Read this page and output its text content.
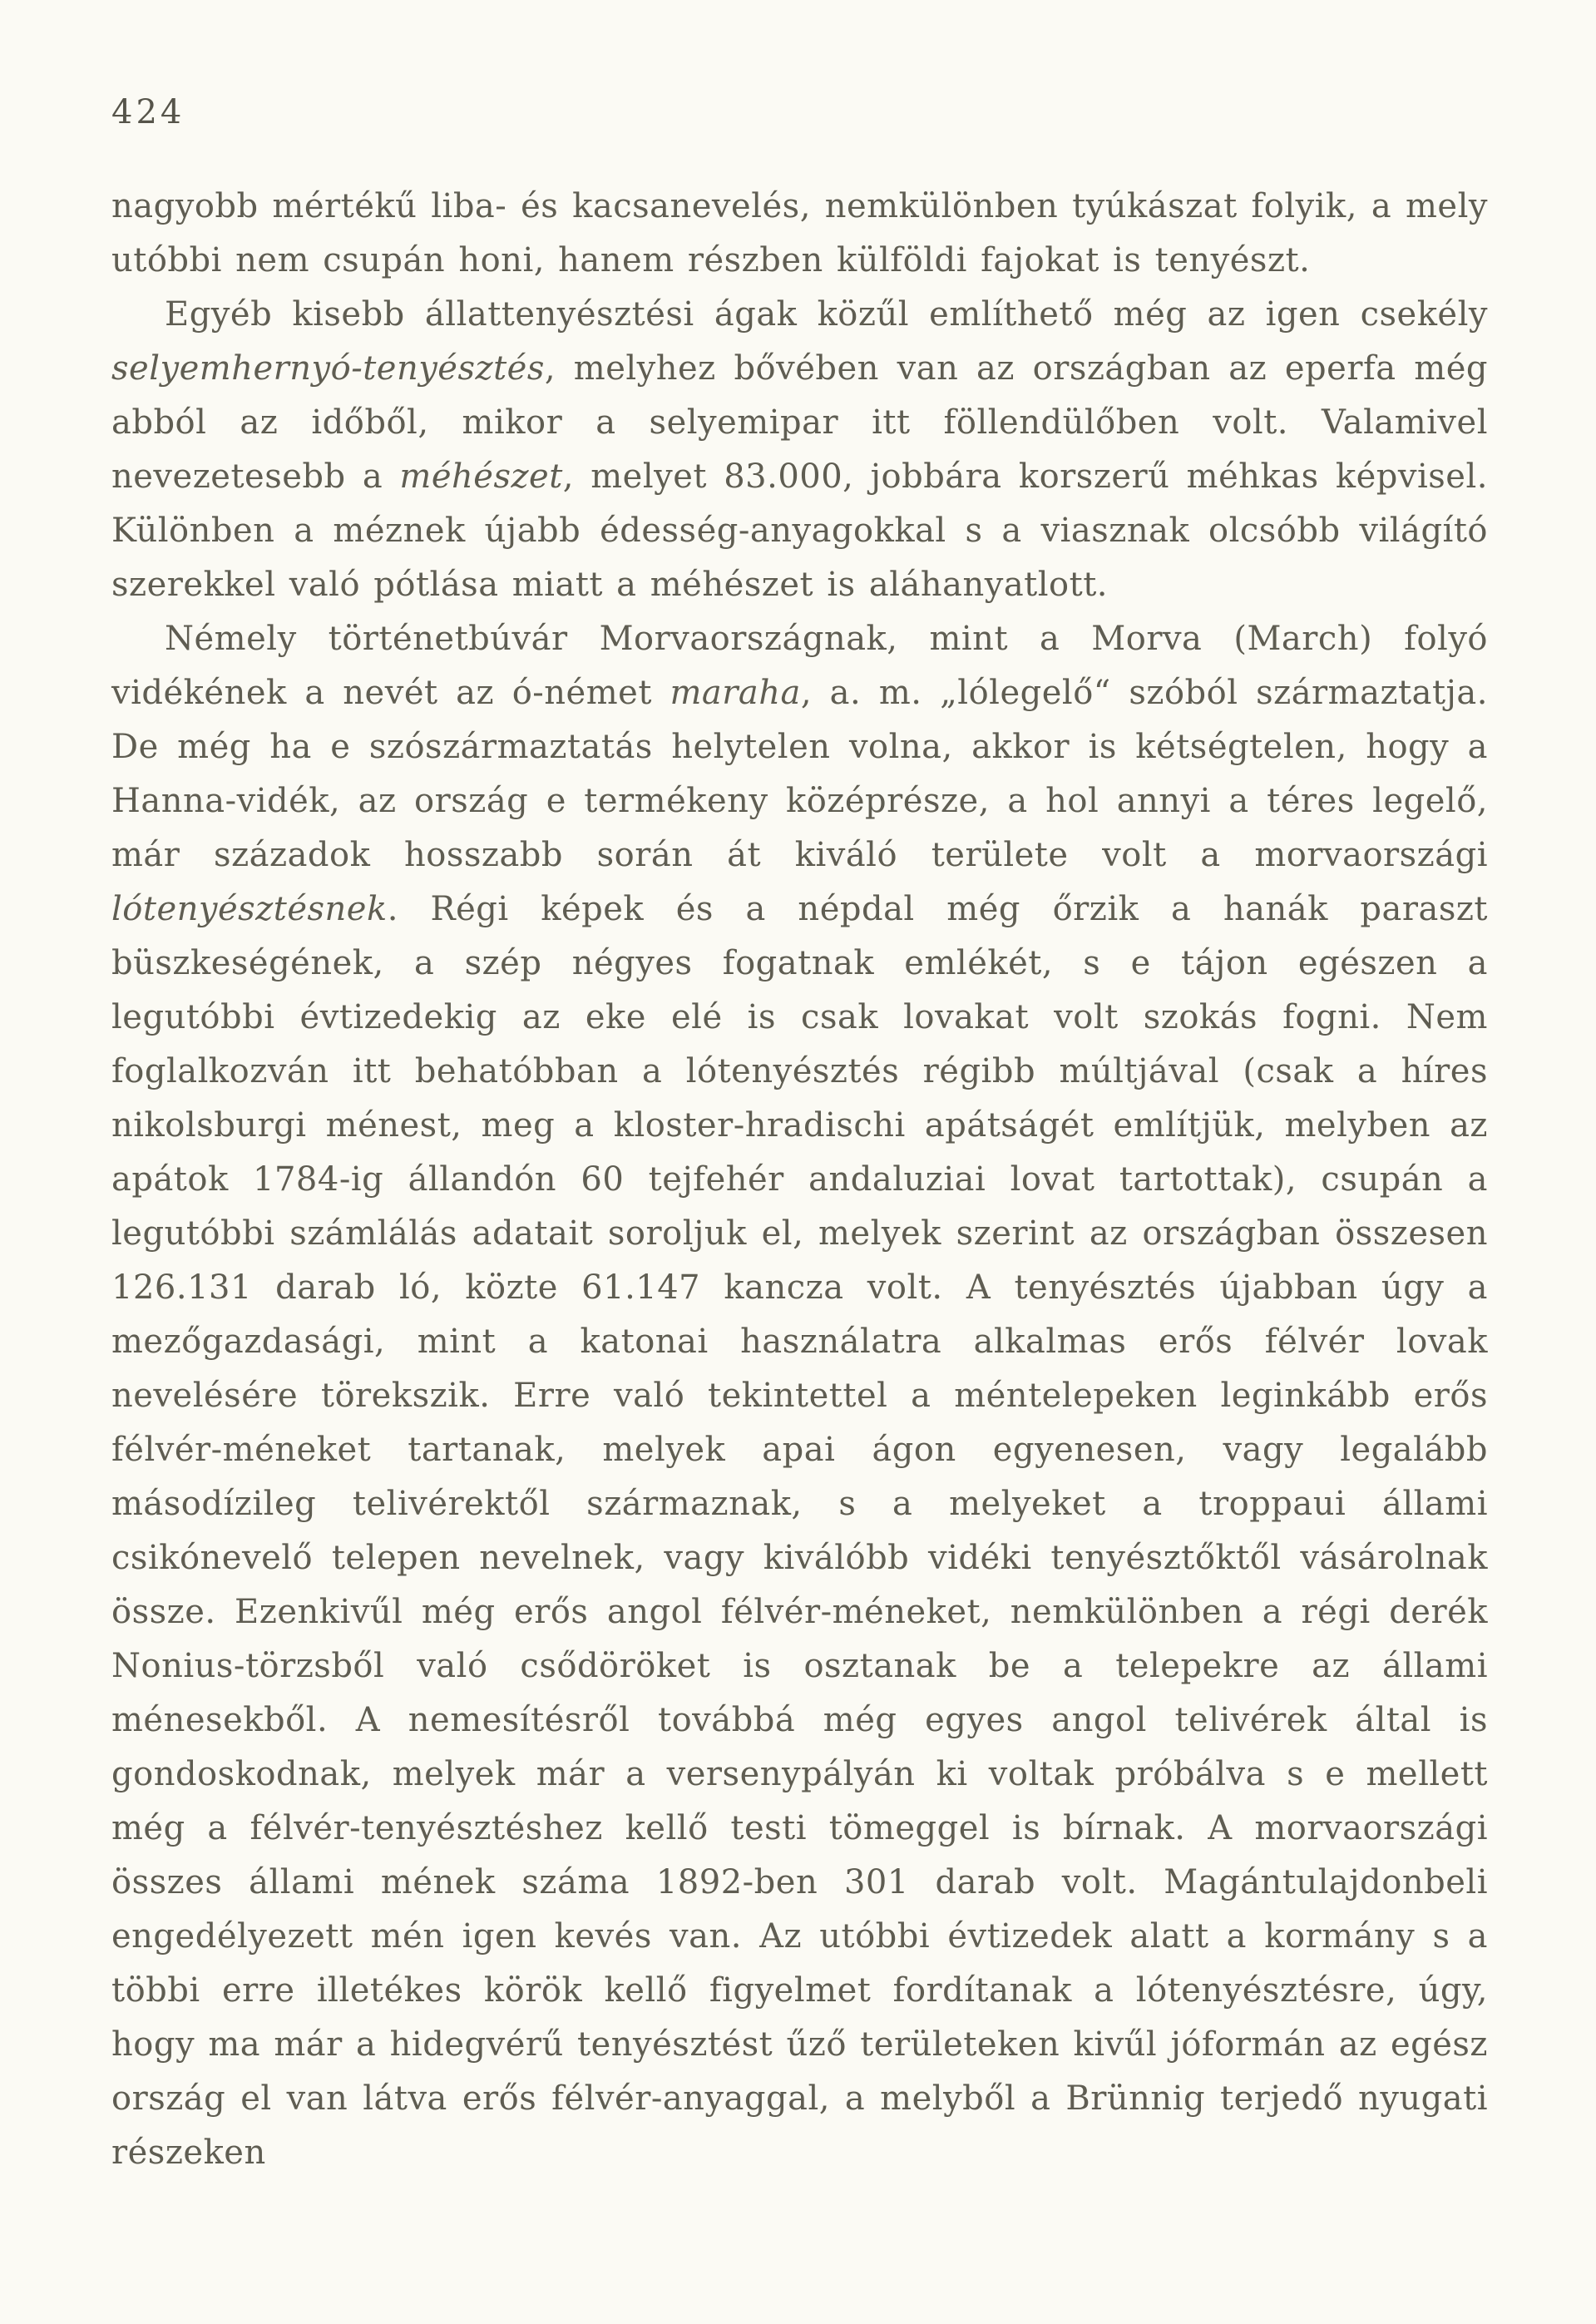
424

nagyobb mértékű liba- és kacsanevelés, nemkülönben tyúkászat folyik, a mely utóbbi nem csupán honi, hanem részben külföldi fajokat is tenyészt.

Egyéb kisebb állattenyésztési ágak közűl említhető még az igen csekély selyemhernyó-tenyésztés, melyhez bővében van az országban az eperfa még abból az időből, mikor a selyemipar itt föllendülőben volt. Valamivel nevezetesebb a méhészet, melyet 83.000, jobbára korszerű méhkas képvisel. Különben a méznek újabb édesség-anyagokkal s a viasznak olcsóbb világító szerekkel való pótlása miatt a méhészet is aláhanyatlott.

Némely történetbúvár Morvaországnak, mint a Morva (March) folyó vidékének a nevét az ó-német maraha, a. m. „lólegelő“ szóból származtatja. De még ha e szószármaztatás helytelen volna, akkor is kétségtelen, hogy a Hanna-vidék, az ország e termékeny középrésze, a hol annyi a téres legelő, már századok hosszabb során át kiváló területe volt a morvaországi lótenyésztésnek. Régi képek és a népdal még őrzik a hanák paraszt büszkeségének, a szép négyes fogatnak emlékét, s e tájon egészen a legutóbbi évtizedekig az eke elé is csak lovakat volt szokás fogni. Nem foglalkozván itt behatóbban a lótenyésztés régibb múltjával (csak a híres nikolsburgi ménest, meg a kloster-hradischi apátságét említjük, melyben az apátok 1784-ig állandón 60 tejfehér andaluziai lovat tartottak), csupán a legutóbbi számlálás adatait soroljuk el, melyek szerint az országban összesen 126.131 darab ló, közte 61.147 kancza volt. A tenyésztés újabban úgy a mezőgazdasági, mint a katonai használatra alkalmas erős félvér lovak nevelésére törekszik. Erre való tekintettel a méntelepeken leginkább erős félvér-méneket tartanak, melyek apai ágon egyenesen, vagy legalább másodízileg telivérektől származnak, s a melyeket a troppaui állami csikónevelő telepen nevelnek, vagy kiválóbb vidéki tenyésztőktől vásárolnak össze. Ezenkivűl még erős angol félvér-méneket, nemkülönben a régi derék Nonius-törzsből való csődöröket is osztanak be a telepekre az állami ménesekből. A nemesítésről továbbá még egyes angol telivérek által is gondoskodnak, melyek már a versenypályán ki voltak próbálva s e mellett még a félvér-tenyésztéshez kellő testi tömeggel is bírnak. A morvaországi összes állami mének száma 1892-ben 301 darab volt. Magántulajdonbeli engedélyezett mén igen kevés van. Az utóbbi évtizedek alatt a kormány s a többi erre illetékes körök kellő figyelmet fordítanak a lótenyésztésre, úgy, hogy ma már a hidegvérű tenyésztést űző területeken kivűl jóformán az egész ország el van látva erős félvér-anyaggal, a melyből a Brünnig terjedő nyugati részeken
